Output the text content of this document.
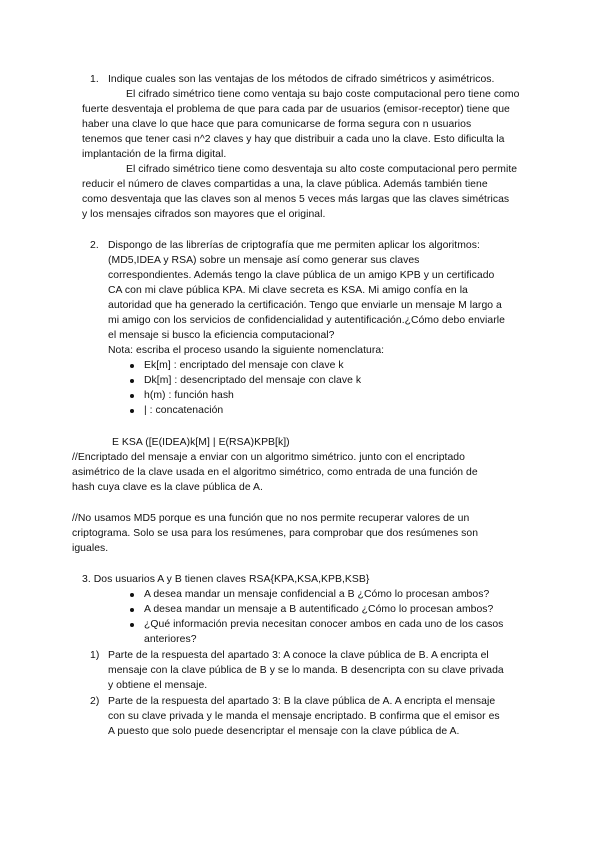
1. Indique cuales son las ventajas de los métodos de cifrado simétricos y asimétricos.
El cifrado simétrico tiene como ventaja su bajo coste computacional pero tiene como
fuerte desventaja el problema de que para cada par de usuarios (emisor-receptor) tiene que
haber una clave lo que hace que para comunicarse de forma segura con n usuarios
tenemos que tener casi n^2 claves y hay que distribuir a cada uno la clave. Esto dificulta la
implantación de la firma digital.
El cifrado simétrico tiene como desventaja su alto coste computacional pero permite
reducir el número de claves compartidas a una, la clave pública. Además también tiene
como desventaja que las claves son al menos 5 veces más largas que las claves simétricas
y los mensajes cifrados son mayores que el original.
2. Dispongo de las librerías de criptografía que me permiten aplicar los algoritmos:
(MD5,IDEA y RSA) sobre un mensaje así como generar sus claves
correspondientes. Además tengo la clave pública de un amigo KPB y un certificado
CA con mi clave pública KPA. Mi clave secreta es KSA. Mi amigo confía en la
autoridad que ha generado la certificación. Tengo que enviarle un mensaje M largo a
mi amigo con los servicios de confidencialidad y autentificación.¿Cómo debo enviarle
el mensaje si busco la eficiencia computacional?
Nota: escriba el proceso usando la siguiente nomenclatura:
Ek[m] : encriptado del mensaje con clave k
Dk[m] : desencriptado del mensaje con clave k
h(m) : función hash
| : concatenación
E KSA ([E(IDEA)k[M] | E(RSA)KPB[k])
//Encriptado del mensaje a enviar con un algoritmo simétrico. junto con el encriptado
asimétrico de la clave usada en el algoritmo simétrico, como entrada de una función de
hash cuya clave es la clave pública de A.
//No usamos MD5 porque es una función que no nos permite recuperar valores de un
criptograma. Solo se usa para los resúmenes, para comprobar que dos resúmenes son
iguales.
3. Dos usuarios A y B tienen claves RSA{KPA,KSA,KPB,KSB}
A desea mandar un mensaje confidencial a B ¿Cómo lo procesan ambos?
A desea mandar un mensaje a B autentificado ¿Cómo lo procesan ambos?
¿Qué información previa necesitan conocer ambos en cada uno de los casos
anteriores?
1) Parte de la respuesta del apartado 3: A conoce la clave pública de B. A encripta el
mensaje con la clave pública de B y se lo manda. B desencripta con su clave privada
y obtiene el mensaje.
2) Parte de la respuesta del apartado 3: B la clave pública de A. A encripta el mensaje
con su clave privada y le manda el mensaje encriptado. B confirma que el emisor es
A puesto que solo puede desencriptar el mensaje con la clave pública de A.
